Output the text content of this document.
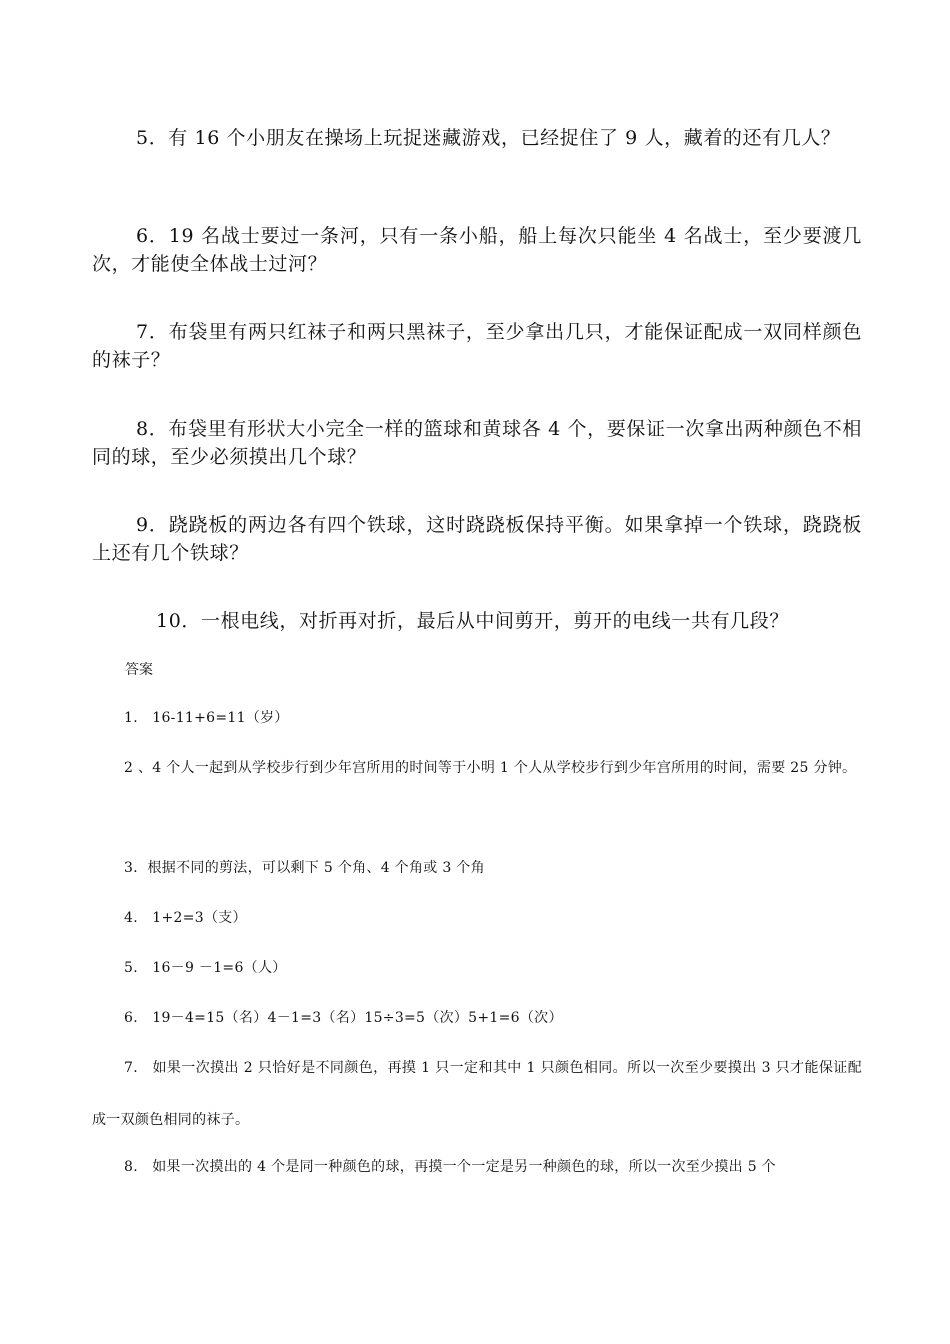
5．有 16 个小朋友在操场上玩捉迷藏游戏，已经捉住了 9 人，藏着的还有几人？

6．19 名战士要过一条河，只有一条小船，船上每次只能坐 4 名战士，至少要渡几次，才能使全体战士过河？

7．布袋里有两只红袜子和两只黑袜子，至少拿出几只，才能保证配成一双同样颜色的袜子？

8．布袋里有形状大小完全一样的篮球和黄球各 4 个，要保证一次拿出两种颜色不相同的球，至少必须摸出几个球？

9．跷跷板的两边各有四个铁球，这时跷跷板保持平衡。如果拿掉一个铁球，跷跷板上还有几个铁球？

10．一根电线，对折再对折，最后从中间剪开，剪开的电线一共有几段？

答案

1.　16-11+6=11（岁）

2 、4 个人一起到从学校步行到少年宫所用的时间等于小明 1 个人从学校步行到少年宫所用的时间，需要 25 分钟。

3．根据不同的剪法，可以剩下 5 个角、4 个角或 3 个角

4.　1+2=3（支）

5.　16－9 －1=6（人）

6.　19－4=15（名）4－1=3（名）15÷3=5（次）5+1=6（次）

7.　如果一次摸出 2 只恰好是不同颜色，再摸 1 只一定和其中 1 只颜色相同。所以一次至少要摸出 3 只才能保证配成一双颜色相同的袜子。

8.　如果一次摸出的 4 个是同一种颜色的球，再摸一个一定是另一种颜色的球，所以一次至少摸出 5 个
